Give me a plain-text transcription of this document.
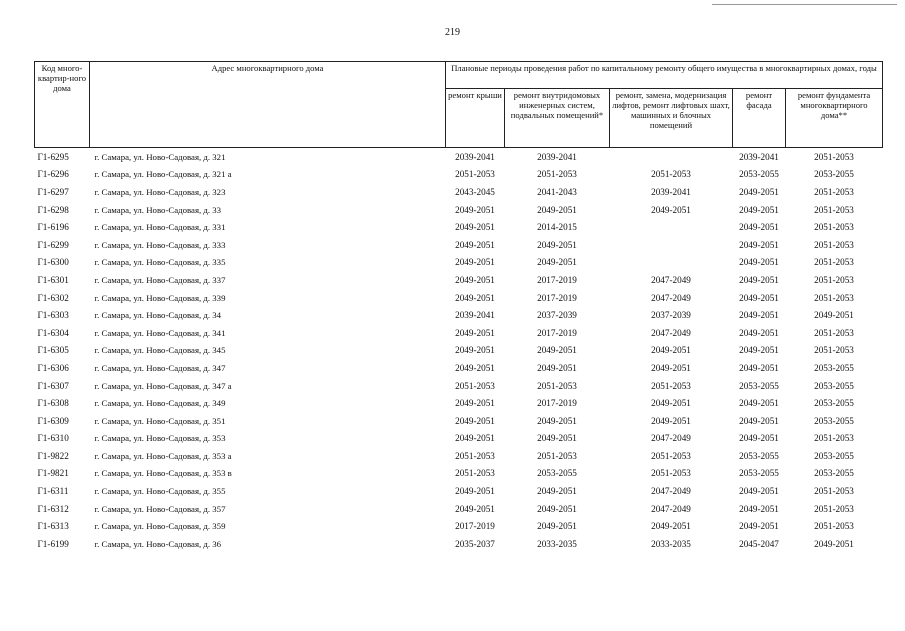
219
Код много-квартир-ного дома	Адрес многоквартирного дома	Плановые периоды проведения работ по капитальному ремонту общего имущества в многоквартирных домах, годы				
		ремонт крыши	ремонт внутридомовых инженерных систем, подвальных помещений*	ремонт, замена, модернизация лифтов, ремонт лифтовых шахт, машинных и блочных помещений	ремонт фасада	ремонт фундамента многоквартирного дома**
Г1-6295	г. Самара, ул. Ново-Садовая, д. 321	2039-2041	2039-2041		2039-2041	2051-2053
Г1-6296	г. Самара, ул. Ново-Садовая, д. 321 а	2051-2053	2051-2053	2051-2053	2053-2055	2053-2055
Г1-6297	г. Самара, ул. Ново-Садовая, д. 323	2043-2045	2041-2043	2039-2041	2049-2051	2051-2053
Г1-6298	г. Самара, ул. Ново-Садовая, д. 33	2049-2051	2049-2051	2049-2051	2049-2051	2051-2053
Г1-6196	г. Самара, ул. Ново-Садовая, д. 331	2049-2051	2014-2015		2049-2051	2051-2053
Г1-6299	г. Самара, ул. Ново-Садовая, д. 333	2049-2051	2049-2051		2049-2051	2051-2053
Г1-6300	г. Самара, ул. Ново-Садовая, д. 335	2049-2051	2049-2051		2049-2051	2051-2053
Г1-6301	г. Самара, ул. Ново-Садовая, д. 337	2049-2051	2017-2019	2047-2049	2049-2051	2051-2053
Г1-6302	г. Самара, ул. Ново-Садовая, д. 339	2049-2051	2017-2019	2047-2049	2049-2051	2051-2053
Г1-6303	г. Самара, ул. Ново-Садовая, д. 34	2039-2041	2037-2039	2037-2039	2049-2051	2049-2051
Г1-6304	г. Самара, ул. Ново-Садовая, д. 341	2049-2051	2017-2019	2047-2049	2049-2051	2051-2053
Г1-6305	г. Самара, ул. Ново-Садовая, д. 345	2049-2051	2049-2051	2049-2051	2049-2051	2051-2053
Г1-6306	г. Самара, ул. Ново-Садовая, д. 347	2049-2051	2049-2051	2049-2051	2049-2051	2053-2055
Г1-6307	г. Самара, ул. Ново-Садовая, д. 347 а	2051-2053	2051-2053	2051-2053	2053-2055	2053-2055
Г1-6308	г. Самара, ул. Ново-Садовая, д. 349	2049-2051	2017-2019	2049-2051	2049-2051	2053-2055
Г1-6309	г. Самара, ул. Ново-Садовая, д. 351	2049-2051	2049-2051	2049-2051	2049-2051	2053-2055
Г1-6310	г. Самара, ул. Ново-Садовая, д. 353	2049-2051	2049-2051	2047-2049	2049-2051	2051-2053
Г1-9822	г. Самара, ул. Ново-Садовая, д. 353 а	2051-2053	2051-2053	2051-2053	2053-2055	2053-2055
Г1-9821	г. Самара, ул. Ново-Садовая, д. 353 в	2051-2053	2053-2055	2051-2053	2053-2055	2053-2055
Г1-6311	г. Самара, ул. Ново-Садовая, д. 355	2049-2051	2049-2051	2047-2049	2049-2051	2051-2053
Г1-6312	г. Самара, ул. Ново-Садовая, д. 357	2049-2051	2049-2051	2047-2049	2049-2051	2051-2053
Г1-6313	г. Самара, ул. Ново-Садовая, д. 359	2017-2019	2049-2051	2049-2051	2049-2051	2051-2053
Г1-6199	г. Самара, ул. Ново-Садовая, д. 36	2035-2037	2033-2035	2033-2035	2045-2047	2049-2051
